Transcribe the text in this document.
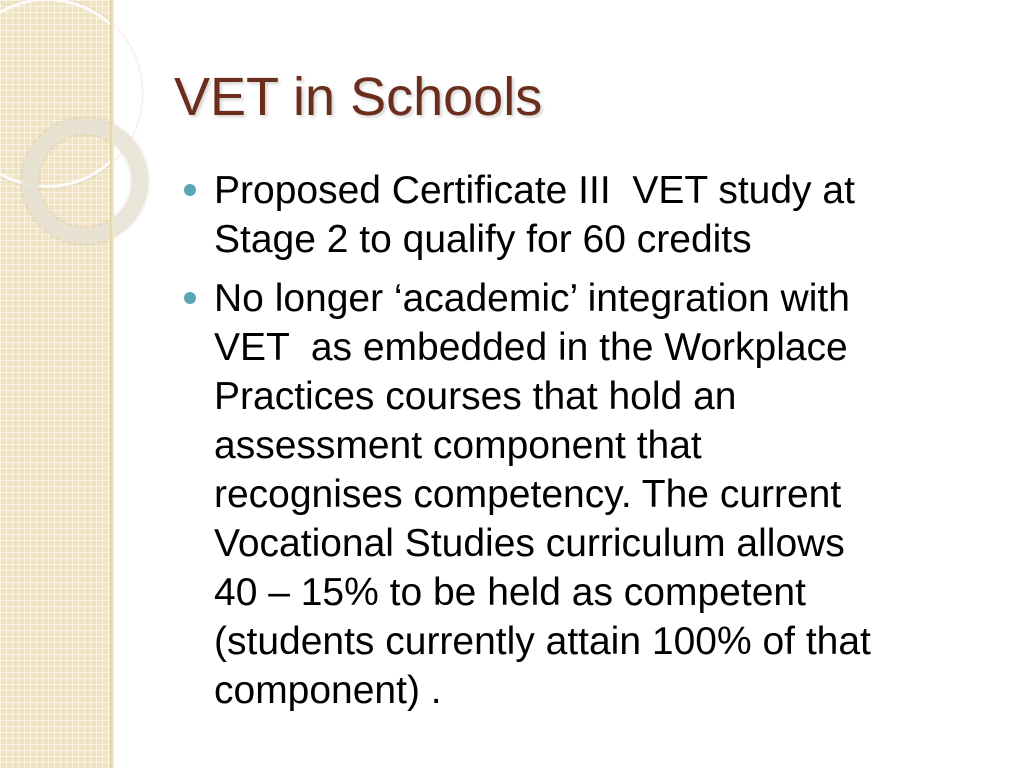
VET in Schools
Proposed Certificate III  VET study at
Stage 2 to qualify for 60 credits
No longer ‘academic’ integration with
VET  as embedded in the Workplace
Practices courses that hold an
assessment component that
recognises competency. The current
Vocational Studies curriculum allows
40 – 15% to be held as competent
(students currently attain 100% of that
component) .
